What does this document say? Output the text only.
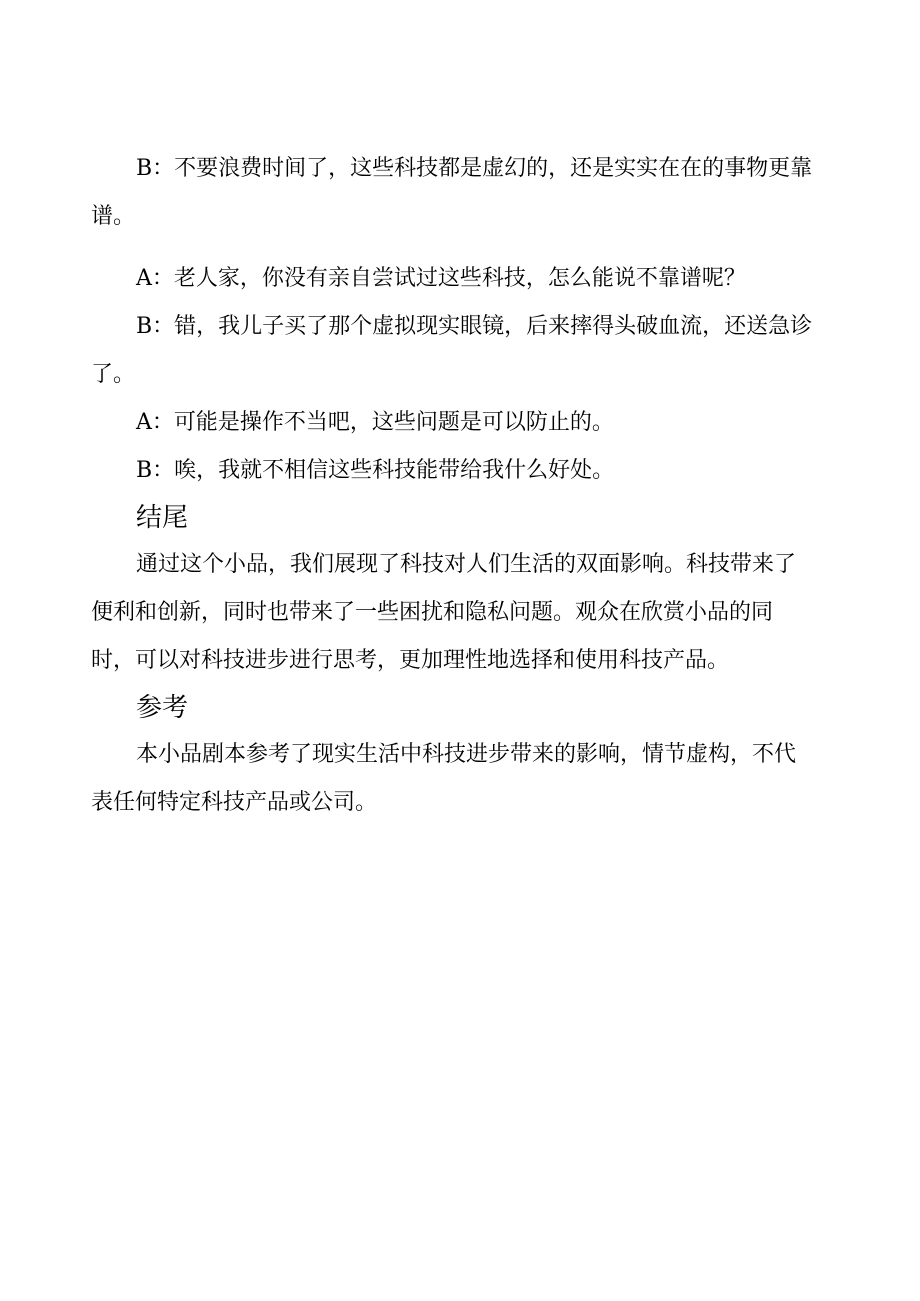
B：不要浪费时间了，这些科技都是虚幻的，还是实实在在的事物更靠谱。

A：老人家，你没有亲自尝试过这些科技，怎么能说不靠谱呢？

B：错，我儿子买了那个虚拟现实眼镜，后来摔得头破血流，还送急诊了。

A：可能是操作不当吧，这些问题是可以防止的。

B：唉，我就不相信这些科技能带给我什么好处。

结尾

通过这个小品，我们展现了科技对人们生活的双面影响。科技带来了便利和创新，同时也带来了一些困扰和隐私问题。观众在欣赏小品的同时，可以对科技进步进行思考，更加理性地选择和使用科技产品。

参考

本小品剧本参考了现实生活中科技进步带来的影响，情节虚构，不代表任何特定科技产品或公司。
